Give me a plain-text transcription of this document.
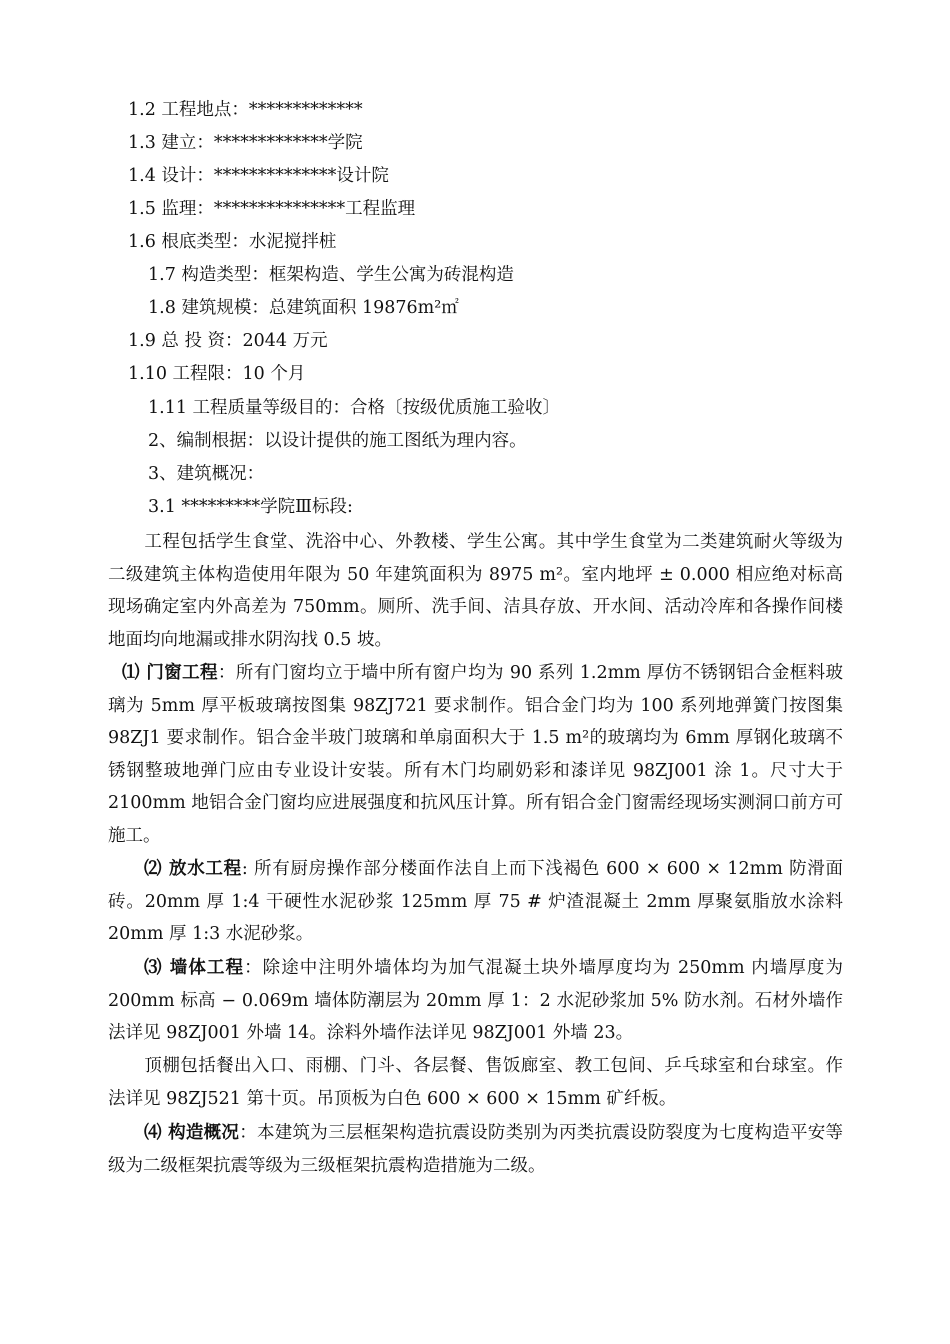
1.2 工程地点：*************
1.3 建立：*************学院
1.4 设计：**************设计院
1.5 监理：***************工程监理
1.6 根底类型：水泥搅拌桩
1.7 构造类型：框架构造、学生公寓为砖混构造
1.8 建筑规模：总建筑面积 19876m²㎡
1.9 总 投 资：2044 万元
1.10 工程限：10 个月
1.11 工程质量等级目的：合格〔按级优质施工验收〕
2、编制根据：以设计提供的施工图纸为理内容。
3、建筑概况：
3.1 *********学院Ⅲ标段:
工程包括学生食堂、洗浴中心、外教楼、学生公寓。其中学生食堂为二类建筑耐火等级为二级建筑主体构造使用年限为 50 年建筑面积为 8975 m²。室内地坪 ± 0.000 相应绝对标高现场确定室内外高差为 750mm。厕所、洗手间、洁具存放、开水间、活动冷库和各操作间楼地面均向地漏或排水阴沟找 0.5 坡。
⑴ 门窗工程：所有门窗均立于墙中所有窗户均为 90 系列 1.2mm 厚仿不锈钢铝合金框料玻璃为 5mm 厚平板玻璃按图集 98ZJ721 要求制作。铝合金门均为 100 系列地弹簧门按图集 98ZJ1 要求制作。铝合金半玻门玻璃和单扇面积大于 1.5 m²的玻璃均为 6mm 厚钢化玻璃不锈钢整玻地弹门应由专业设计安装。所有木门均刷奶彩和漆详见 98ZJ001 涂 1。尺寸大于 2100mm 地铝合金门窗均应进展强度和抗风压计算。所有铝合金门窗需经现场实测洞口前方可施工。
⑵ 放水工程: 所有厨房操作部分楼面作法自上而下浅褐色 600 × 600 × 12mm 防滑面砖。20mm 厚 1:4 干硬性水泥砂浆 125mm 厚 75 # 炉渣混凝土 2mm 厚聚氨脂放水涂料 20mm 厚 1:3 水泥砂浆。
⑶ 墙体工程：除途中注明外墙体均为加气混凝土块外墙厚度均为 250mm 内墙厚度为 200mm 标高 − 0.069m 墙体防潮层为 20mm 厚 1：2 水泥砂浆加 5% 防水剂。石材外墙作法详见 98ZJ001 外墙 14。涂料外墙作法详见 98ZJ001 外墙 23。
顶棚包括餐出入口、雨棚、门斗、各层餐、售饭廊室、教工包间、乒乓球室和台球室。作法详见 98ZJ521 第十页。吊顶板为白色 600 × 600 × 15mm 矿纤板。
⑷ 构造概况：本建筑为三层框架构造抗震设防类别为丙类抗震设防裂度为七度构造平安等级为二级框架抗震等级为三级框架抗震构造措施为二级。
